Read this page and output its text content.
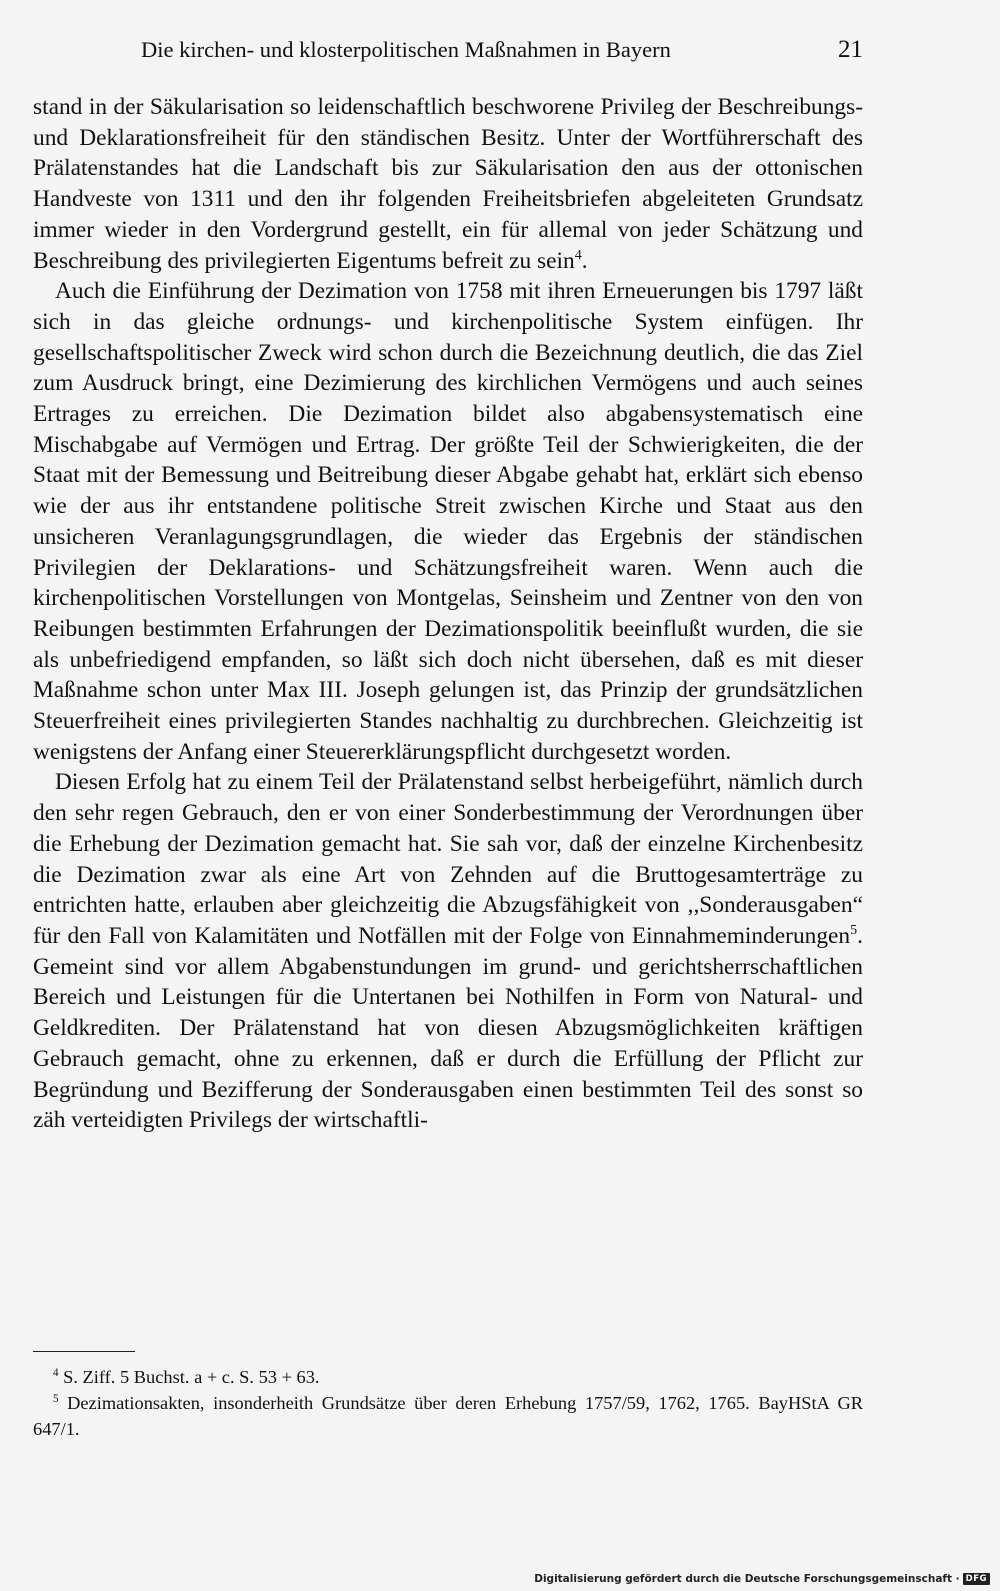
Die kirchen- und klosterpolitischen Maßnahmen in Bayern	21

stand in der Säkularisation so leidenschaftlich beschworene Privileg der Beschreibungs- und Deklarationsfreiheit für den ständischen Besitz. Unter der Wortführerschaft des Prälatenstandes hat die Landschaft bis zur Säkularisation den aus der ottonischen Handveste von 1311 und den ihr folgenden Freiheitsbriefen abgeleiteten Grundsatz immer wieder in den Vordergrund gestellt, ein für allemal von jeder Schätzung und Beschreibung des privilegierten Eigentums befreit zu sein$^4$.

Auch die Einführung der Dezimation von 1758 mit ihren Erneuerungen bis 1797 läßt sich in das gleiche ordnungs- und kirchenpolitische System einfügen. Ihr gesellschaftspolitischer Zweck wird schon durch die Bezeichnung deutlich, die das Ziel zum Ausdruck bringt, eine Dezimierung des kirchlichen Vermögens und auch seines Ertrages zu erreichen. Die Dezimation bildet also abgabensystematisch eine Mischabgabe auf Vermögen und Ertrag. Der größte Teil der Schwierigkeiten, die der Staat mit der Bemessung und Beitreibung dieser Abgabe gehabt hat, erklärt sich ebenso wie der aus ihr entstandene politische Streit zwischen Kirche und Staat aus den unsicheren Veranlagungsgrundlagen, die wieder das Ergebnis der ständischen Privilegien der Deklarations- und Schätzungsfreiheit waren. Wenn auch die kirchenpolitischen Vorstellungen von Montgelas, Seinsheim und Zentner von den von Reibungen bestimmten Erfahrungen der Dezimationspolitik beeinflußt wurden, die sie als unbefriedigend empfanden, so läßt sich doch nicht übersehen, daß es mit dieser Maßnahme schon unter Max III. Joseph gelungen ist, das Prinzip der grundsätzlichen Steuerfreiheit eines privilegierten Standes nachhaltig zu durchbrechen. Gleichzeitig ist wenigstens der Anfang einer Steuererklärungspflicht durchgesetzt worden.

Diesen Erfolg hat zu einem Teil der Prälatenstand selbst herbeigeführt, nämlich durch den sehr regen Gebrauch, den er von einer Sonderbestimmung der Verordnungen über die Erhebung der Dezimation gemacht hat. Sie sah vor, daß der einzelne Kirchenbesitz die Dezimation zwar als eine Art von Zehnden auf die Bruttogesamterträge zu entrichten hatte, erlauben aber gleichzeitig die Abzugsfähigkeit von ,,Sonderausgaben“ für den Fall von Kalamitäten und Notfällen mit der Folge von Einnahmeminderungen$^5$. Gemeint sind vor allem Abgabenstundungen im grund- und gerichtsherrschaftlichen Bereich und Leistungen für die Untertanen bei Nothilfen in Form von Natural- und Geldkrediten. Der Prälatenstand hat von diesen Abzugsmöglichkeiten kräftigen Gebrauch gemacht, ohne zu erkennen, daß er durch die Erfüllung der Pflicht zur Begründung und Bezifferung der Sonderausgaben einen bestimmten Teil des sonst so zäh verteidigten Privilegs der wirtschaftli-

$^4$ S. Ziff. 5 Buchst. a + c. S. 53 + 63.

$^5$ Dezimationsakten, insonderheith Grundsätze über deren Erhebung 1757/59, 1762, 1765. BayHStA GR 647/1.

Digitalisierung gefördert durch die Deutsche Forschungsgemeinschaft · DFG
